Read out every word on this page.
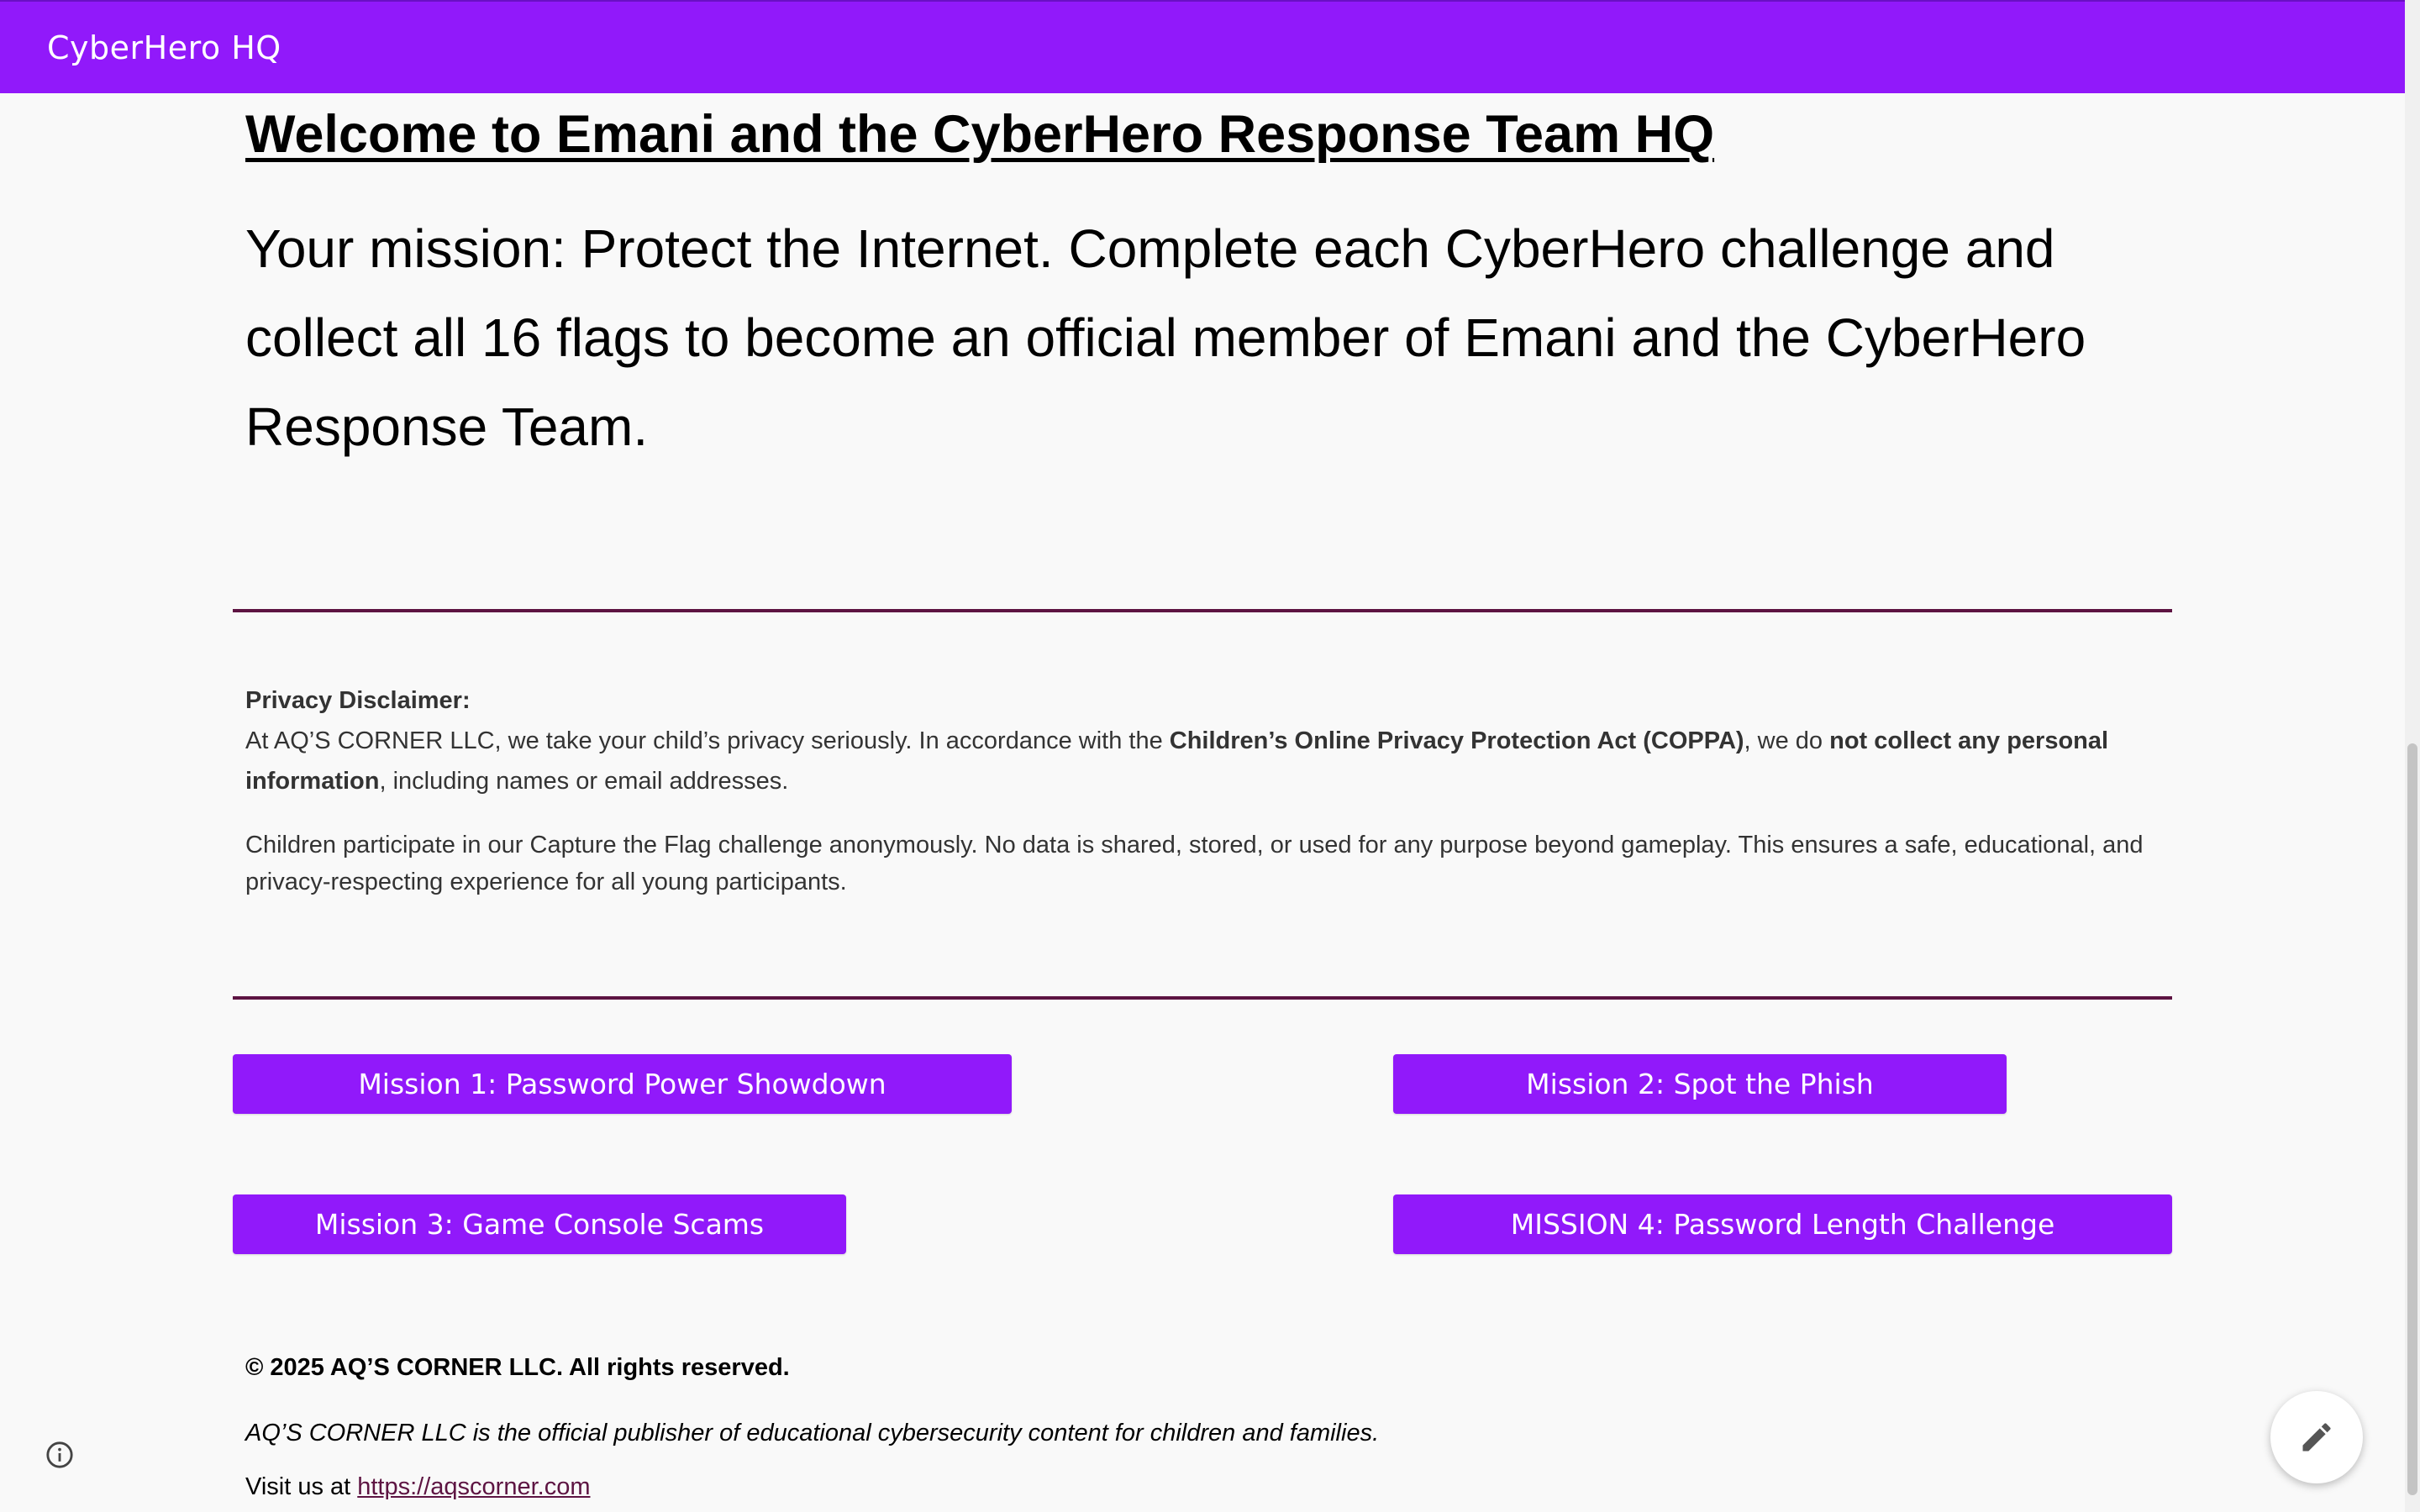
CyberHero HQ
Welcome to Emani and the CyberHero Response Team HQ

Your mission: Protect the Internet. Complete each CyberHero challenge and collect all 16 flags to become an official member of Emani and the CyberHero Response Team.

Privacy Disclaimer:

At AQ’S CORNER LLC, we take your child’s privacy seriously. In accordance with the Children’s Online Privacy Protection Act (COPPA), we do not collect any personal information, including names or email addresses.

Children participate in our Capture the Flag challenge anonymously. No data is shared, stored, or used for any purpose beyond gameplay. This ensures a safe, educational, and privacy-respecting experience for all young participants.

Mission 1: Password Power Showdown	Mission 2: Spot the Phish
Mission 3: Game Console Scams	MISSION 4: Password Length Challenge
© 2025 AQ’S CORNER LLC. All rights reserved.
AQ’S CORNER LLC is the official publisher of educational cybersecurity content for children and families.
Visit us at https://aqscorner.com
